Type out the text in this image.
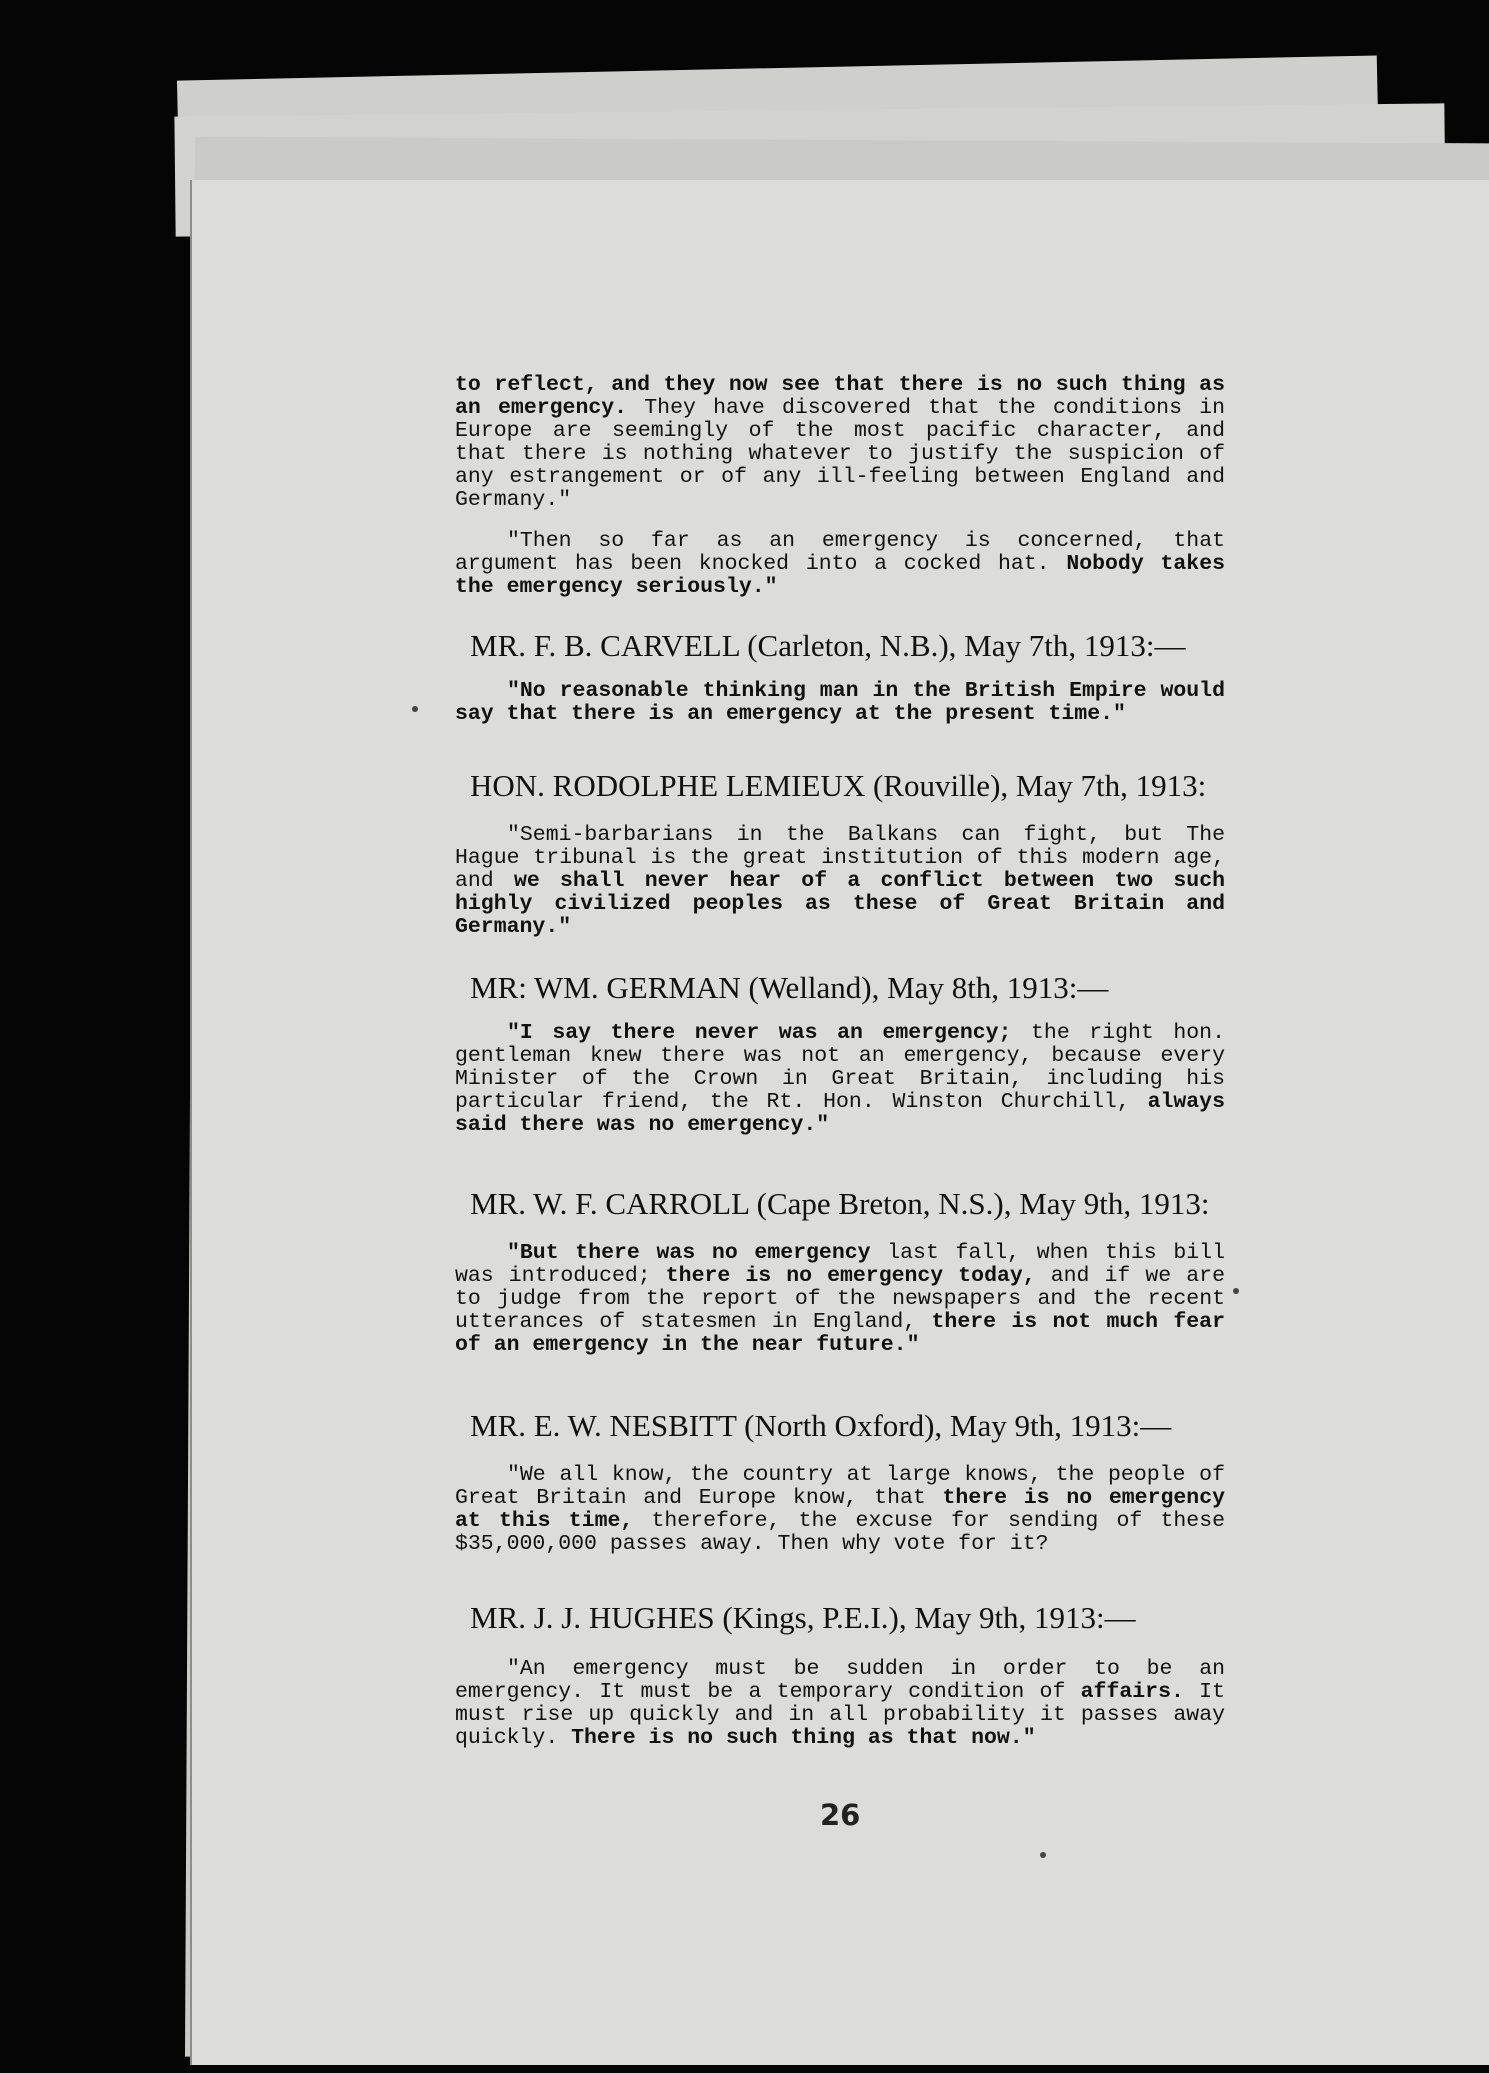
to reflect, and they now see that there is no such thing as an emergency. They have discovered that the conditions in Europe are seemingly of the most pacific character, and that there is nothing whatever to justify the suspicion of any estrangement or of any ill-feeling between England and Germany."

"Then so far as an emergency is concerned, that argument has been knocked into a cocked hat. Nobody takes the emergency seriously."

MR. F. B. CARVELL (Carleton, N.B.), May 7th, 1913:—

"No reasonable thinking man in the British Empire would say that there is an emergency at the present time."

HON. RODOLPHE LEMIEUX (Rouville), May 7th, 1913:

"Semi-barbarians in the Balkans can fight, but The Hague tribunal is the great institution of this modern age, and we shall never hear of a conflict between two such highly civilized peoples as these of Great Britain and Germany."

MR: WM. GERMAN (Welland), May 8th, 1913:—

"I say there never was an emergency; the right hon. gentleman knew there was not an emergency, because every Minister of the Crown in Great Britain, including his particular friend, the Rt. Hon. Winston Churchill, always said there was no emergency."

MR. W. F. CARROLL (Cape Breton, N.S.), May 9th, 1913:

"But there was no emergency last fall, when this bill was introduced; there is no emergency today, and if we are to judge from the report of the newspapers and the recent utterances of statesmen in England, there is not much fear of an emergency in the near future."

MR. E. W. NESBITT (North Oxford), May 9th, 1913:—

"We all know, the country at large knows, the people of Great Britain and Europe know, that there is no emergency at this time, therefore, the excuse for sending of these $35,000,000 passes away. Then why vote for it?

MR. J. J. HUGHES (Kings, P.E.I.), May 9th, 1913:—

"An emergency must be sudden in order to be an emergency. It must be a temporary condition of affairs. It must rise up quickly and in all probability it passes away quickly. There is no such thing as that now."

26
